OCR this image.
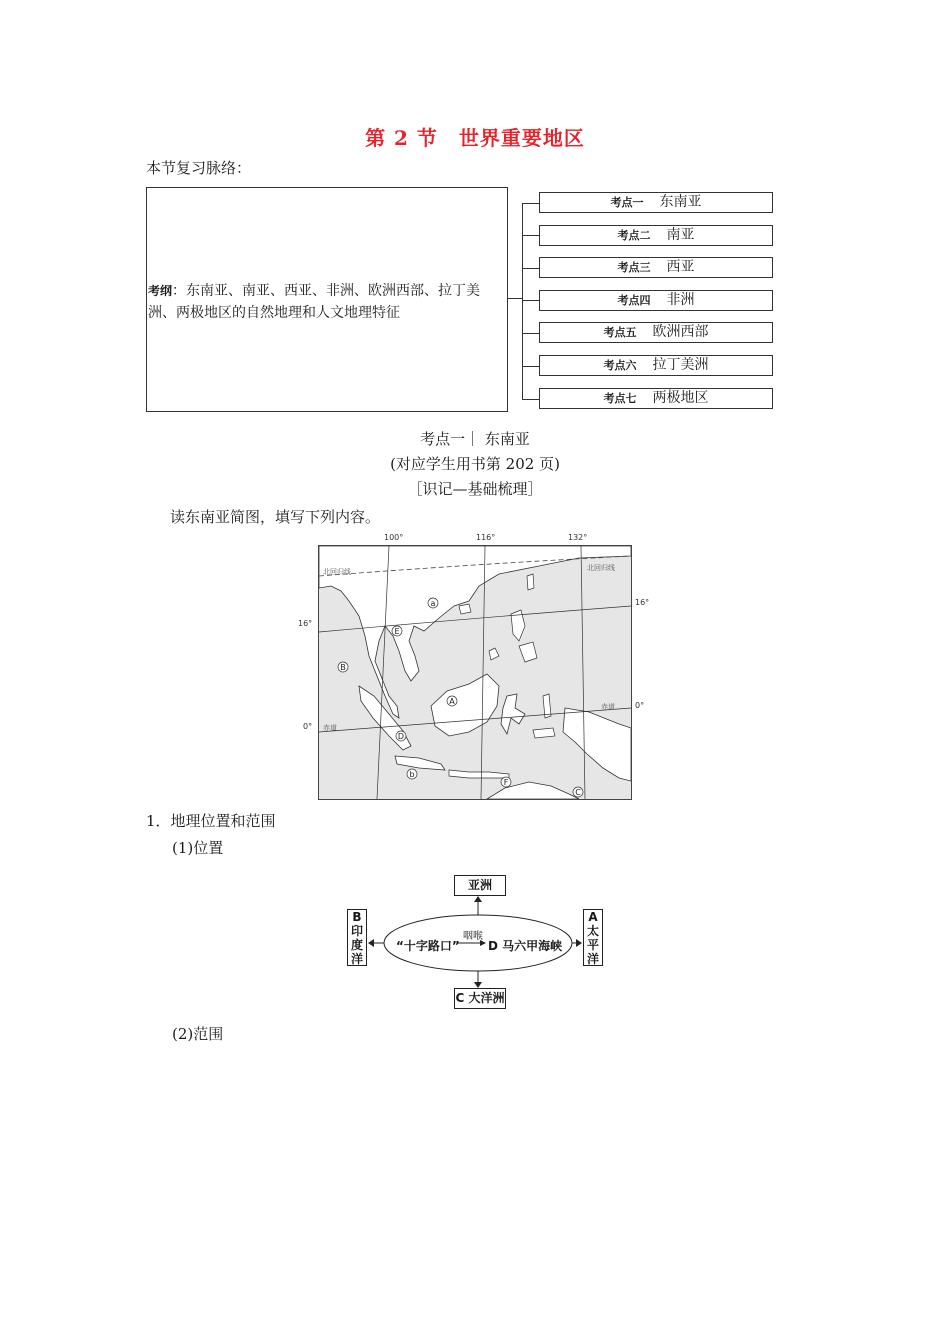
第 2 节　世界重要地区
本节复习脉络：
考纲：东南亚、南亚、西亚、非洲、欧洲西部、拉丁美洲、两极地区的自然地理和人文地理特征
考点一 东南亚
考点二 南亚
考点三 西亚
考点四 非洲
考点五 欧洲西部
考点六 拉丁美洲
考点七 两极地区
考点一｜ 东南亚
(对应学生用书第 202 页)
［识记—基础梳理］
读东南亚简图，填写下列内容。
100°	116°	132°
16°
0°
16°
0°
a
b
A
B
C
D
E
F
北回归线	北回归线
赤道
赤道
1．地理位置和范围
(1)位置
亚洲
C 大洋洲
B
印
度
洋
A
太
平
洋
“十字路口”
咽喉
D 马六甲海峡
(2)范围
